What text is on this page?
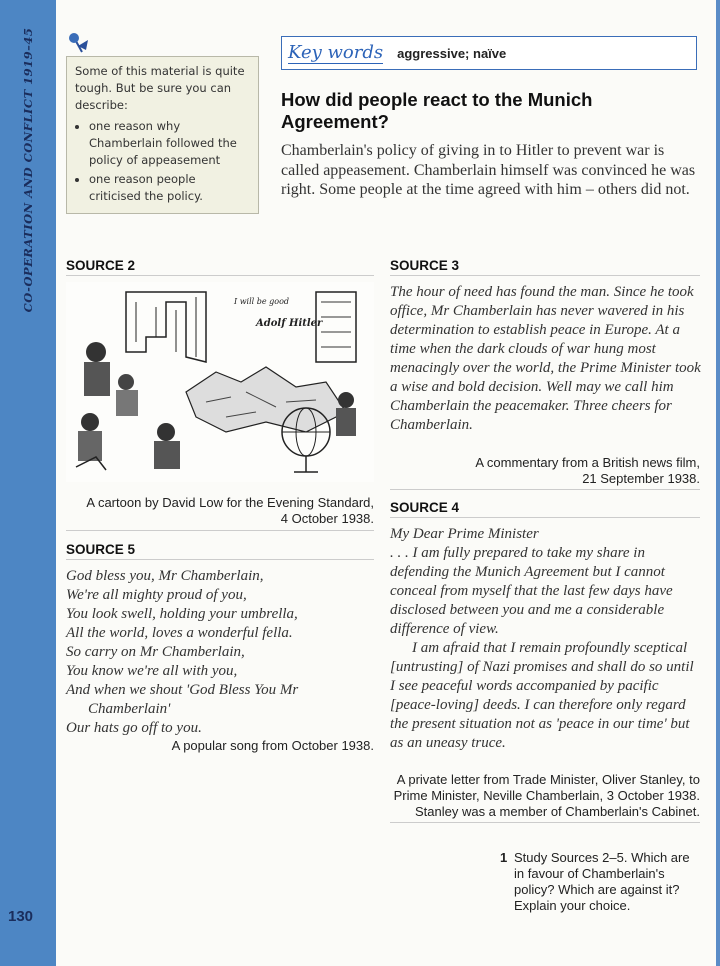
CO-OPERATION AND CONFLICT 1919–45
130

Some of this material is quite tough. But be sure you can describe:

• one reason why Chamberlain followed the policy of appeasement
• one reason people criticised the policy.
Key words aggressive; naïve
How did people react to the Munich Agreement?

Chamberlain's policy of giving in to Hitler to prevent war is called appeasement. Chamberlain himself was convinced he was right. Some people at the time agreed with him – others did not.

SOURCE 2
I will be good
Adolf Hitler
A cartoon by David Low for the Evening Standard,
4 October 1938.
SOURCE 3

The hour of need has found the man. Since he took office, Mr Chamberlain has never wavered in his determination to establish peace in Europe. At a time when the dark clouds of war hung most menacingly over the world, the Prime Minister took a wise and bold decision. Well may we call him Chamberlain the peacemaker. Three cheers for Chamberlain.

A commentary from a British news film,
21 September 1938.
SOURCE 5
God bless you, Mr Chamberlain,
We're all mighty proud of you,
You look swell, holding your umbrella,
All the world, loves a wonderful fella.
So carry on Mr Chamberlain,
You know we're all with you,
And when we shout 'God Bless You Mr
Chamberlain'
Our hats go off to you.
A popular song from October 1938.
SOURCE 4

My Dear Prime Minister

. . . I am fully prepared to take my share in defending the Munich Agreement but I cannot conceal from myself that the last few days have disclosed between you and me a considerable difference of view.

I am afraid that I remain profoundly sceptical [untrusting] of Nazi promises and shall do so until I see peaceful words accompanied by pacific [peace-loving] deeds. I can therefore only regard the present situation not as 'peace in our time' but as an uneasy truce.

A private letter from Trade Minister, Oliver Stanley, to
Prime Minister, Neville Chamberlain, 3 October 1938.
Stanley was a member of Chamberlain's Cabinet.
1 Study Sources 2–5. Which are in favour of Chamberlain's policy? Which are against it? Explain your choice.
